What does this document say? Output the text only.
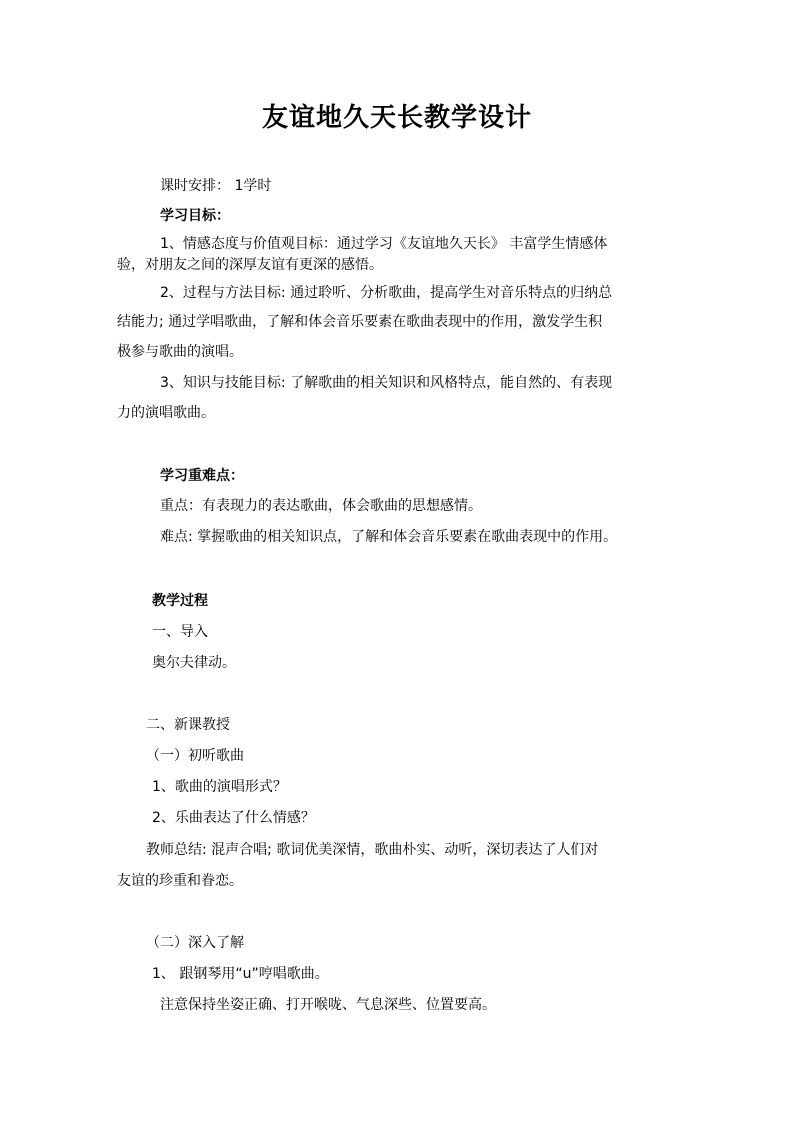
友谊地久天长教学设计
课时安排： 1学时
学习目标：
1、情感态度与价值观目标：通过学习《友谊地久天长》 丰富学生情感体
验，对朋友之间的深厚友谊有更深的感悟。
2、过程与方法目标: 通过聆听、分析歌曲，提高学生对音乐特点的归纳总
结能力; 通过学唱歌曲，了解和体会音乐要素在歌曲表现中的作用，激发学生积
极参与歌曲的演唱。
3、知识与技能目标: 了解歌曲的相关知识和风格特点，能自然的、有表现
力的演唱歌曲。
学习重难点：
重点：有表现力的表达歌曲，体会歌曲的思想感情。
难点: 掌握歌曲的相关知识点，了解和体会音乐要素在歌曲表现中的作用。
教学过程
一、导入
奥尔夫律动。
二、新课教授
（一）初听歌曲
1、歌曲的演唱形式？
2、乐曲表达了什么情感？
教师总结: 混声合唱; 歌词优美深情，歌曲朴实、动听，深切表达了人们对
友谊的珍重和眷恋。
（二）深入了解
1、 跟钢琴用“u”哼唱歌曲。
注意保持坐姿正确、打开喉咙、气息深些、位置要高。
